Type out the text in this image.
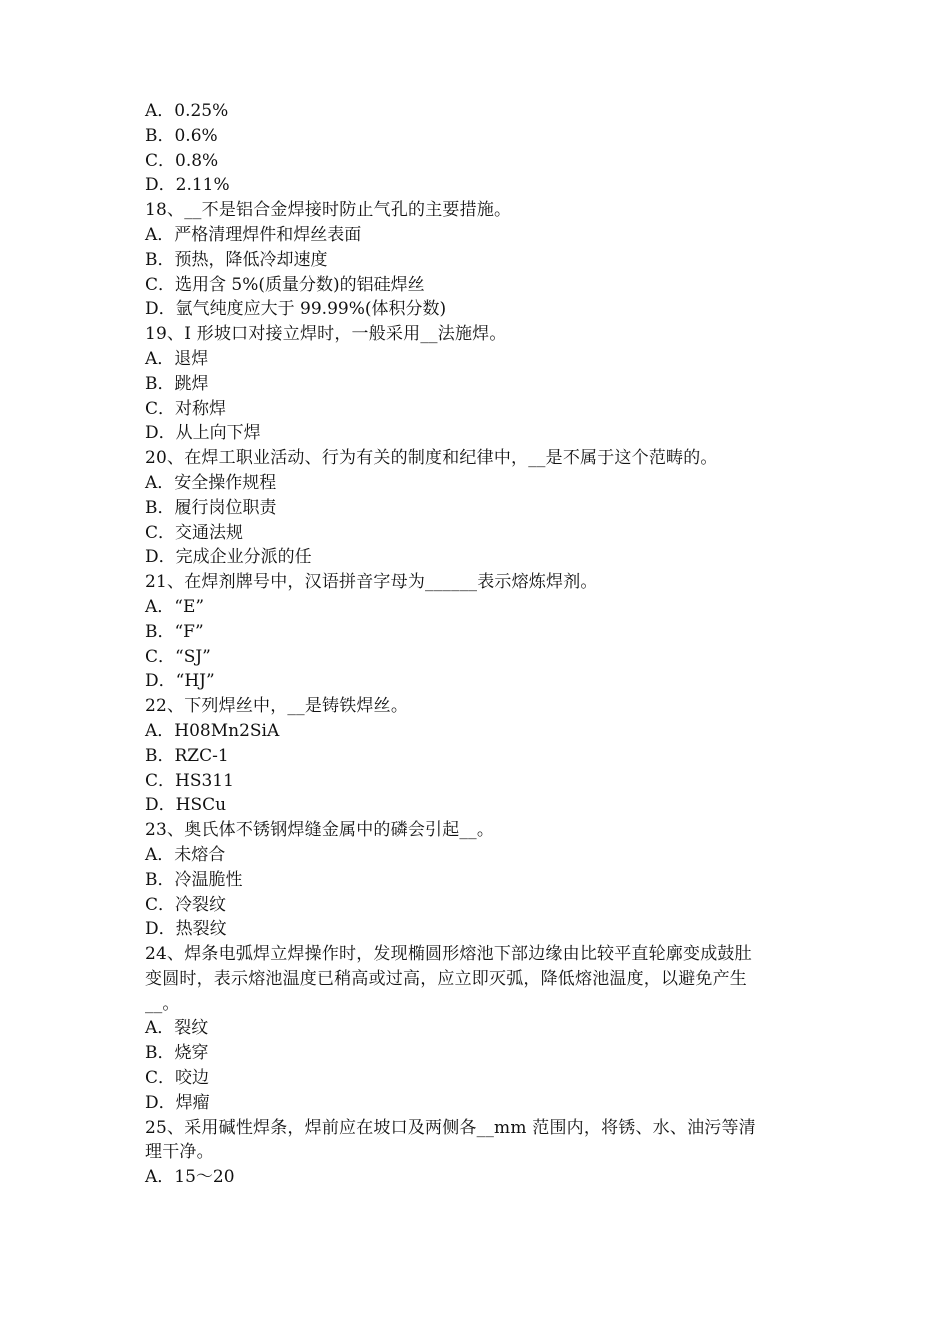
A．0.25%
B．0.6%
C．0.8%
D．2.11%
18、__不是铝合金焊接时防止气孔的主要措施。
A．严格清理焊件和焊丝表面
B．预热，降低冷却速度
C．选用含 5%(质量分数)的铝硅焊丝
D．氩气纯度应大于 99.99%(体积分数)
19、I 形坡口对接立焊时，一般采用__法施焊。
A．退焊
B．跳焊
C．对称焊
D．从上向下焊
20、在焊工职业活动、行为有关的制度和纪律中，__是不属于这个范畴的。
A．安全操作规程
B．履行岗位职责
C．交通法规
D．完成企业分派的任
21、在焊剂牌号中，汉语拼音字母为______表示熔炼焊剂。
A．“E”
B．“F”
C．“SJ”
D．“HJ”
22、下列焊丝中，__是铸铁焊丝。
A．H08Mn2SiA
B．RZC-1
C．HS311
D．HSCu
23、奥氏体不锈钢焊缝金属中的磷会引起__。
A．未熔合
B．冷温脆性
C．冷裂纹
D．热裂纹
24、焊条电弧焊立焊操作时，发现椭圆形熔池下部边缘由比较平直轮廓变成鼓肚
变圆时，表示熔池温度已稍高或过高，应立即灭弧，降低熔池温度，以避免产生
__。
A．裂纹
B．烧穿
C．咬边
D．焊瘤
25、采用碱性焊条，焊前应在坡口及两侧各__mm 范围内，将锈、水、油污等清
理干净。
A．15～20
